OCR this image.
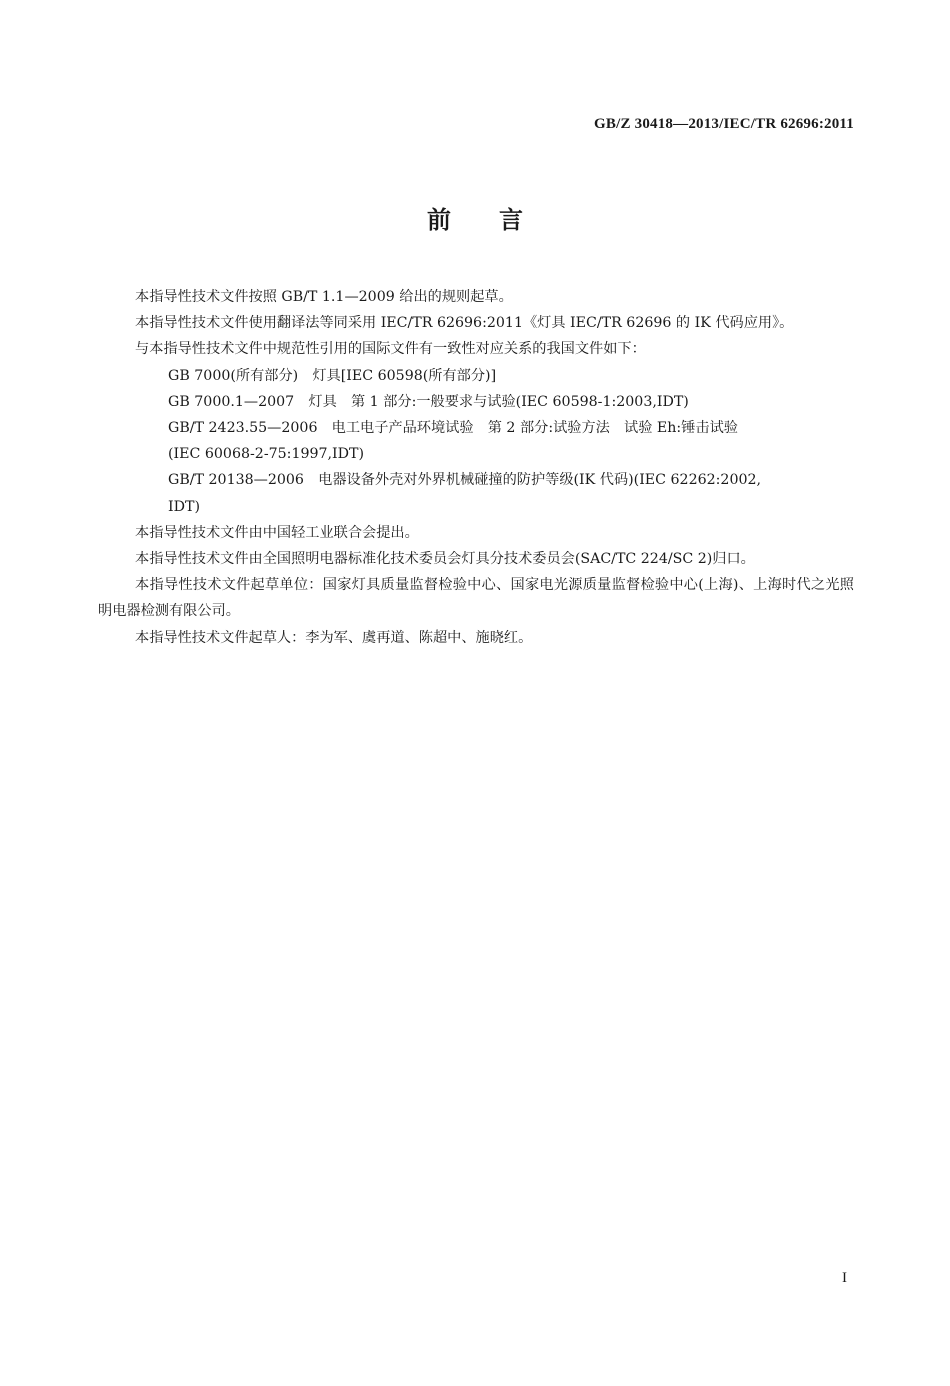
GB/Z 30418—2013/IEC/TR 62696:2011
前 言

本指导性技术文件按照 GB/T 1.1—2009 给出的规则起草。

本指导性技术文件使用翻译法等同采用 IEC/TR 62696:2011《灯具 IEC/TR 62696 的 IK 代码应用》。

与本指导性技术文件中规范性引用的国际文件有一致性对应关系的我国文件如下：

GB 7000(所有部分)　灯具[IEC 60598(所有部分)]

GB 7000.1—2007　灯具　第 1 部分:一般要求与试验(IEC 60598-1:2003,IDT)

GB/T 2423.55—2006　电工电子产品环境试验　第 2 部分:试验方法　试验 Eh:锤击试验

(IEC 60068-2-75:1997,IDT)

GB/T 20138—2006　电器设备外壳对外界机械碰撞的防护等级(IK 代码)(IEC 62262:2002,

IDT)

本指导性技术文件由中国轻工业联合会提出。

本指导性技术文件由全国照明电器标准化技术委员会灯具分技术委员会(SAC/TC 224/SC 2)归口。

本指导性技术文件起草单位：国家灯具质量监督检验中心、国家电光源质量监督检验中心(上海)、上海时代之光照明电器检测有限公司。

本指导性技术文件起草人：李为军、虞再道、陈超中、施晓红。

I
